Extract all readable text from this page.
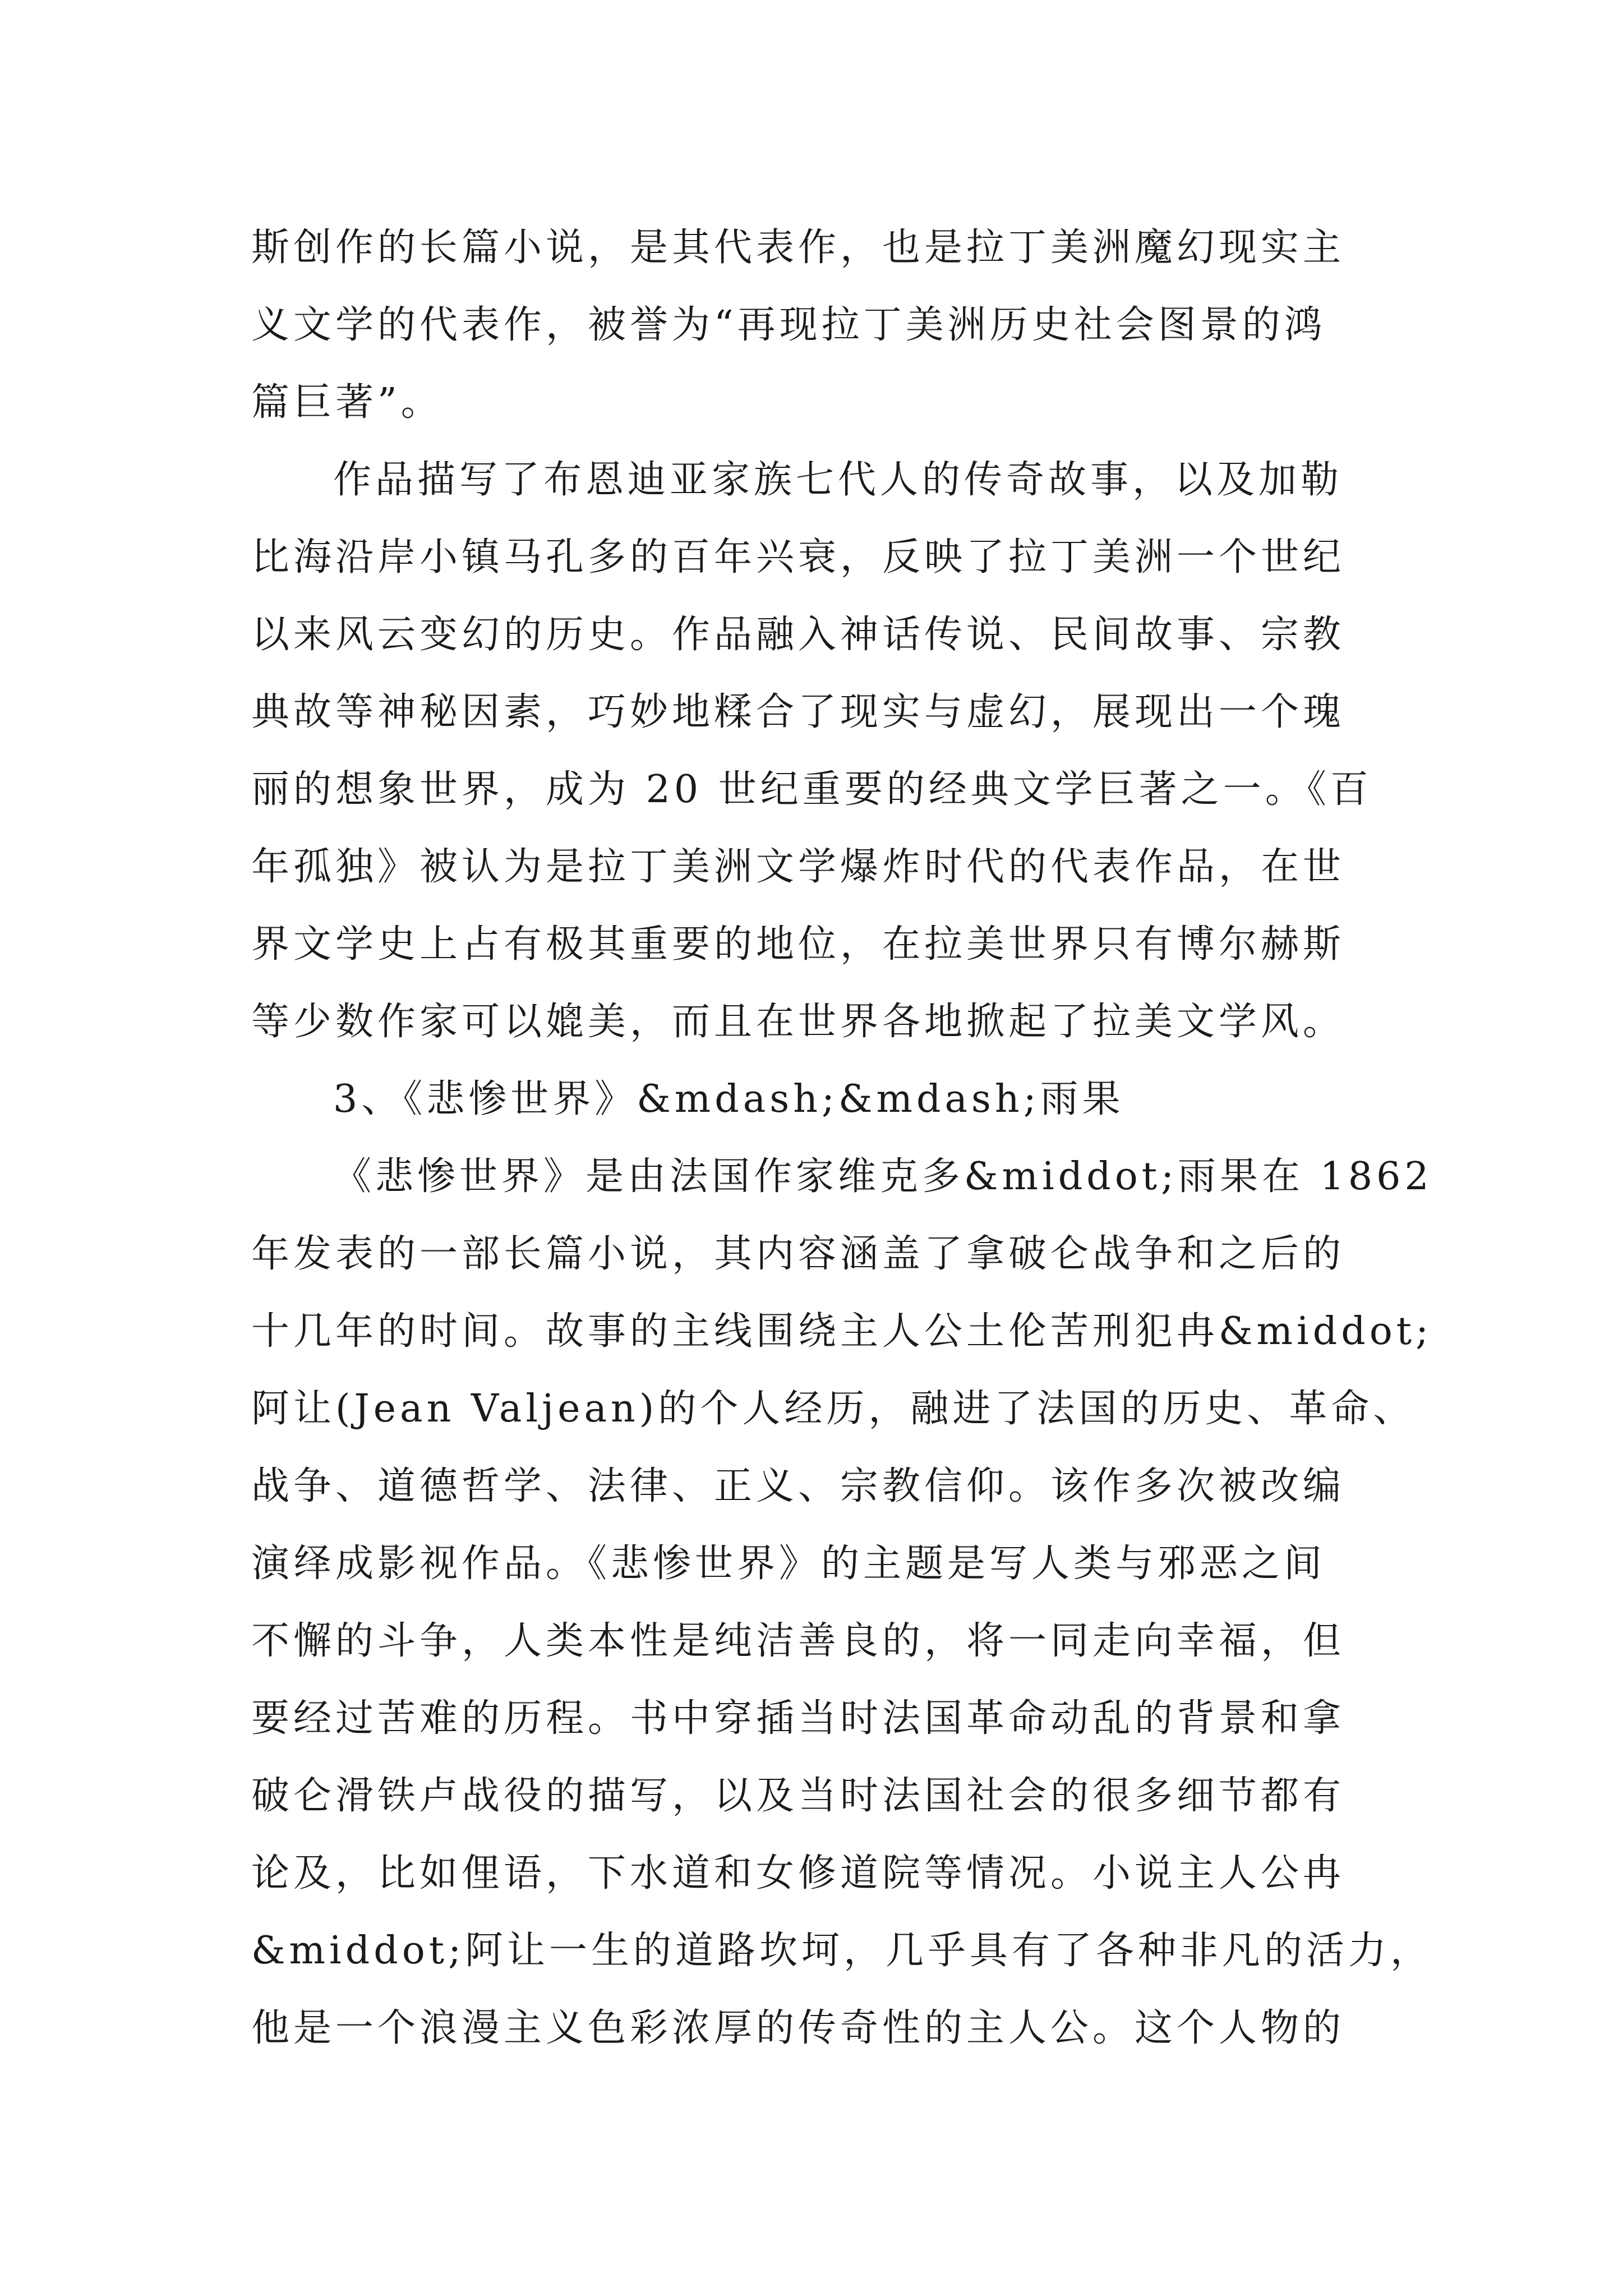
斯创作的长篇小说，是其代表作，也是拉丁美洲魔幻现实主
义文学的代表作，被誉为“再现拉丁美洲历史社会图景的鸿
篇巨著”。
作品描写了布恩迪亚家族七代人的传奇故事，以及加勒
比海沿岸小镇马孔多的百年兴衰，反映了拉丁美洲一个世纪
以来风云变幻的历史。作品融入神话传说、民间故事、宗教
典故等神秘因素，巧妙地糅合了现实与虚幻，展现出一个瑰
丽的想象世界，成为 20 世纪重要的经典文学巨著之一。《百
年孤独》被认为是拉丁美洲文学爆炸时代的代表作品，在世
界文学史上占有极其重要的地位，在拉美世界只有博尔赫斯
等少数作家可以媲美，而且在世界各地掀起了拉美文学风。
3、《悲惨世界》&mdash;&mdash;雨果
《悲惨世界》是由法国作家维克多&middot;雨果在 1862
年发表的一部长篇小说，其内容涵盖了拿破仑战争和之后的
十几年的时间。故事的主线围绕主人公土伦苦刑犯冉&middot;
阿让(Jean Valjean)的个人经历，融进了法国的历史、革命、
战争、道德哲学、法律、正义、宗教信仰。该作多次被改编
演绎成影视作品。《悲惨世界》的主题是写人类与邪恶之间
不懈的斗争，人类本性是纯洁善良的，将一同走向幸福，但
要经过苦难的历程。书中穿插当时法国革命动乱的背景和拿
破仑滑铁卢战役的描写，以及当时法国社会的很多细节都有
论及，比如俚语，下水道和女修道院等情况。小说主人公冉
&middot;阿让一生的道路坎坷，几乎具有了各种非凡的活力，
他是一个浪漫主义色彩浓厚的传奇性的主人公。这个人物的
